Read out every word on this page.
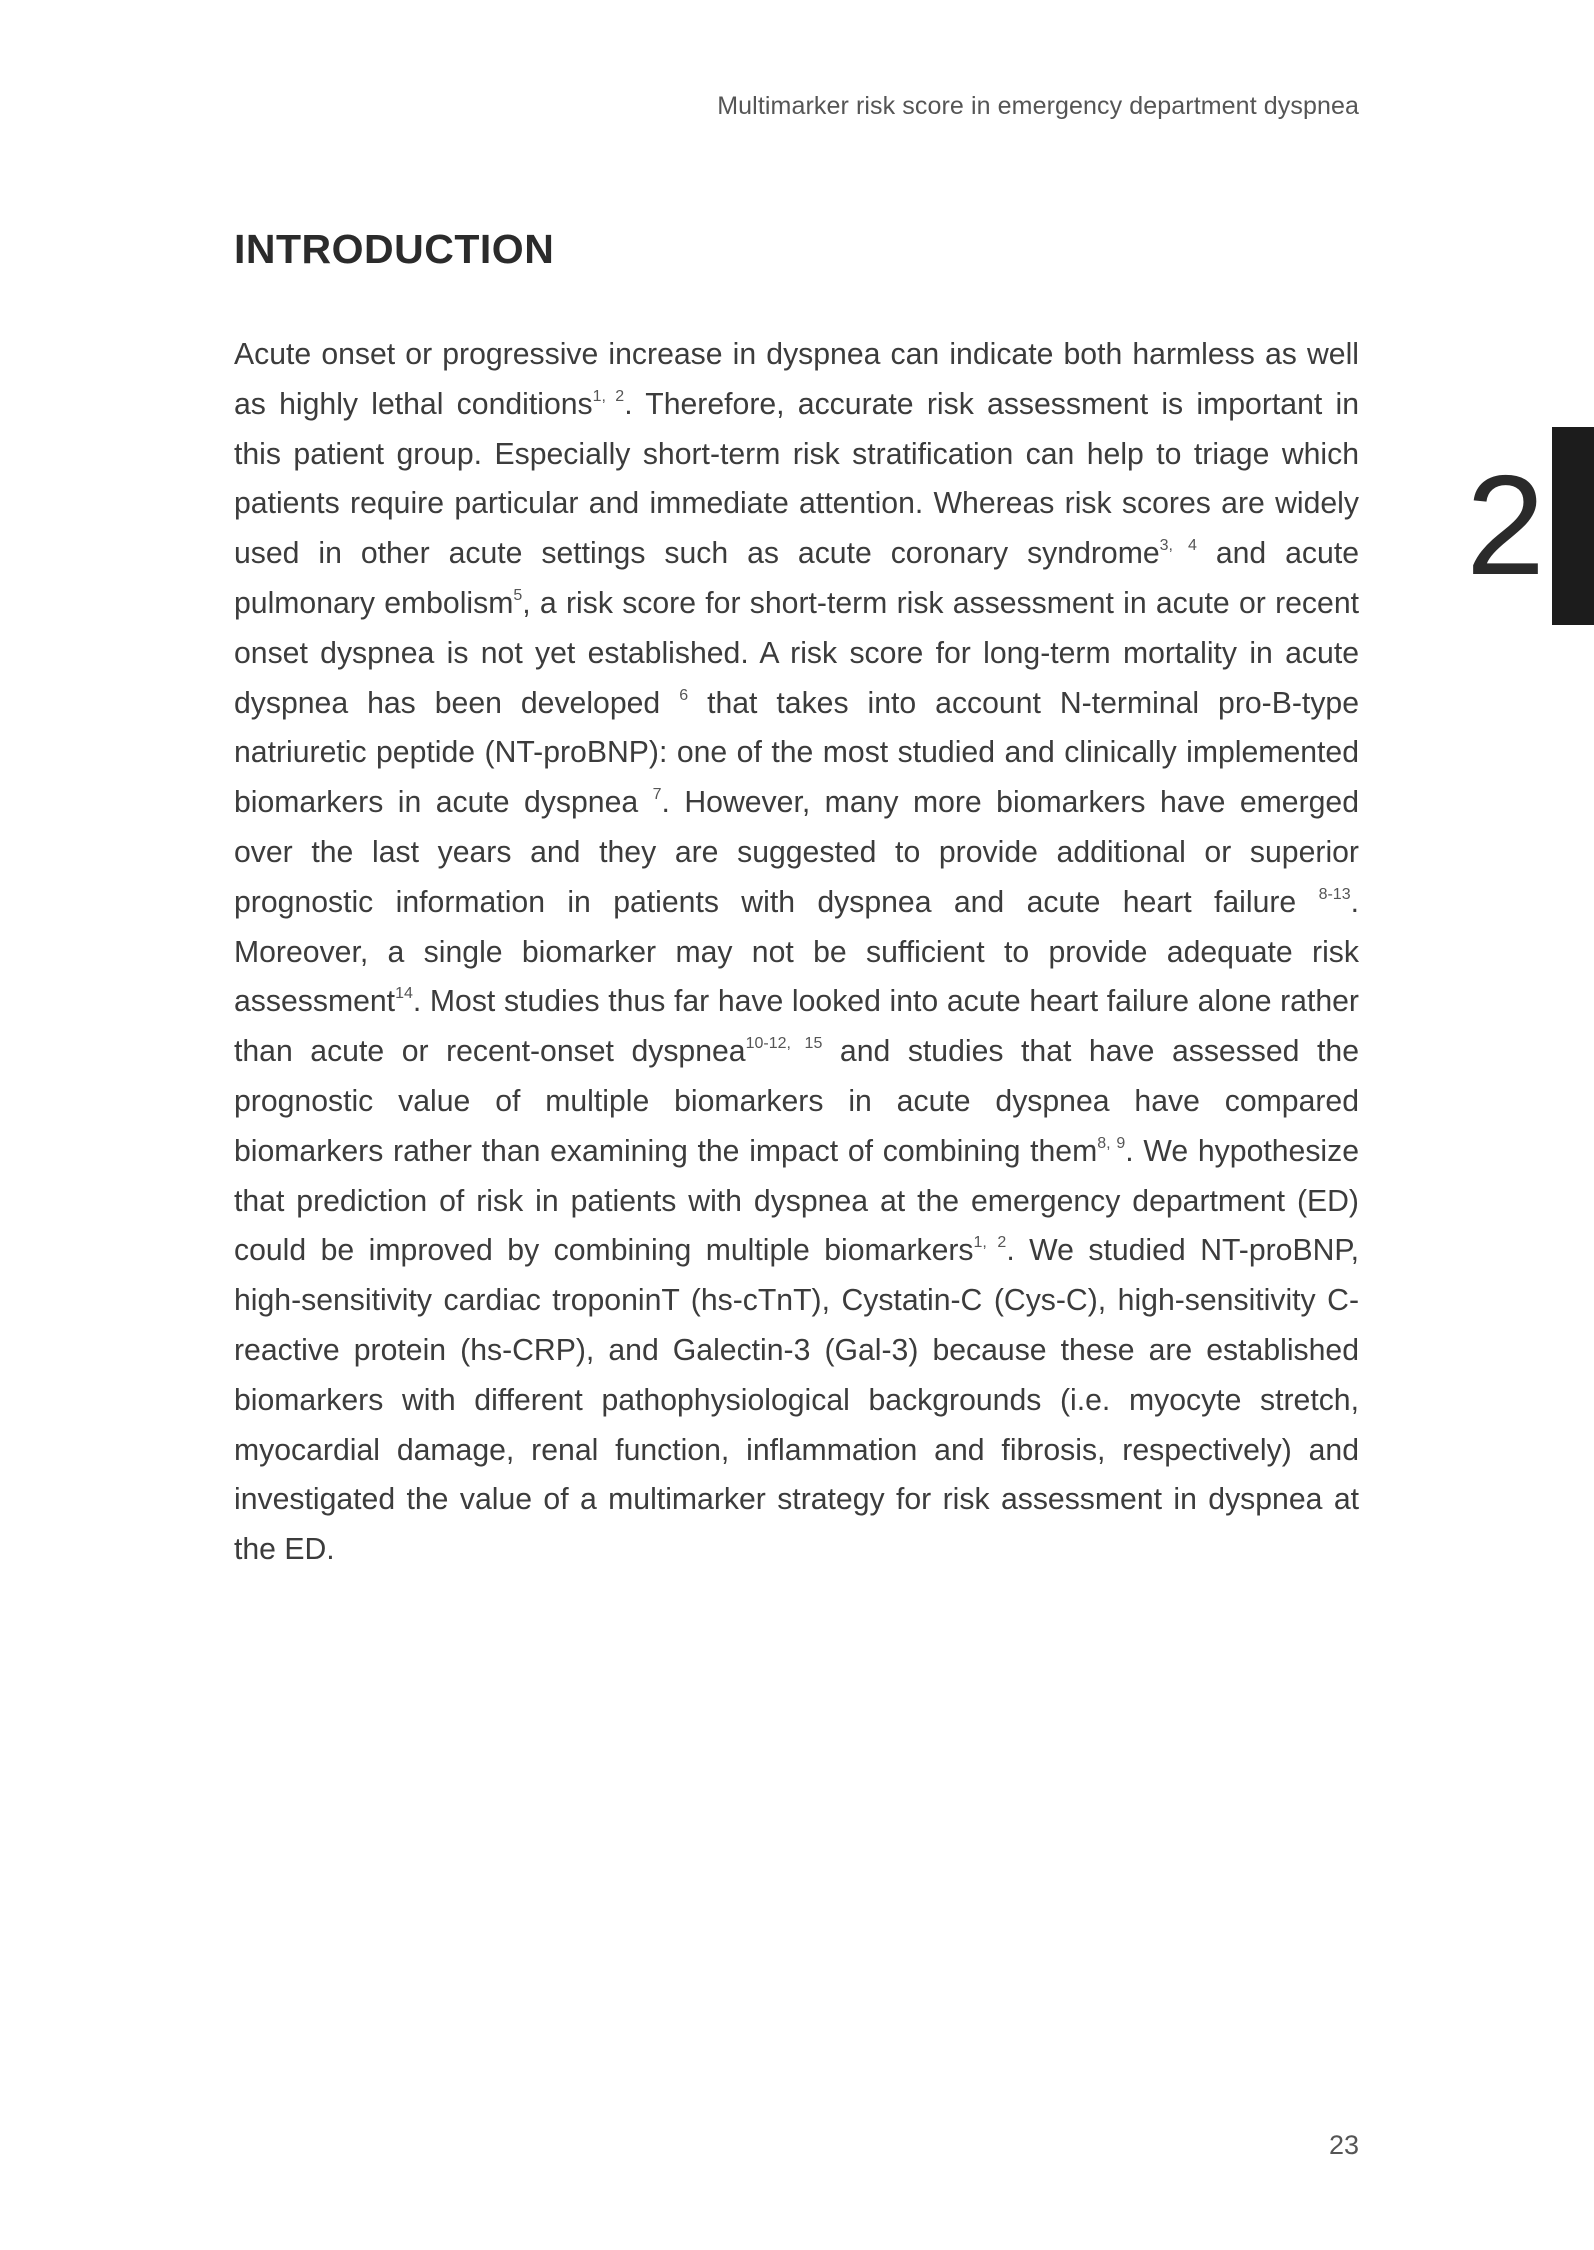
Multimarker risk score in emergency department dyspnea
2
INTRODUCTION

Acute onset or progressive increase in dyspnea can indicate both harmless as well as highly lethal conditions$^{1, 2}$. Therefore, accurate risk assessment is important in this patient group. Especially short-term risk stratification can help to triage which patients require particular and immediate attention. Whereas risk scores are widely used in other acute settings such as acute coronary syndrome$^{3, 4}$ and acute pulmonary embolism$^5$, a risk score for short-term risk assessment in acute or recent onset dyspnea is not yet established. A risk score for long-term mortality in acute dyspnea has been developed $^6$ that takes into account N-terminal pro-B-type natriuretic peptide (NT-proBNP): one of the most studied and clinically implemented biomarkers in acute dyspnea $^7$. However, many more biomarkers have emerged over the last years and they are suggested to provide additional or superior prognostic information in patients with dyspnea and acute heart failure $^{8-13}$. Moreover, a single biomarker may not be sufficient to provide adequate risk assessment$^{14}$. Most studies thus far have looked into acute heart failure alone rather than acute or recent-onset dyspnea$^{10-12, 15}$ and studies that have assessed the prognostic value of multiple biomarkers in acute dyspnea have compared biomarkers rather than examining the impact of combining them$^{8, 9}$. We hypothesize that prediction of risk in patients with dyspnea at the emergency department (ED) could be improved by combining multiple biomarkers$^{1, 2}$. We studied NT-proBNP, high-sensitivity cardiac troponinT (hs-cTnT), Cystatin-C (Cys-C), high-sensitivity C-reactive protein (hs-CRP), and Galectin-3 (Gal-3) because these are established biomarkers with different pathophysiological backgrounds (i.e. myocyte stretch, myocardial damage, renal function, inflammation and fibrosis, respectively) and investigated the value of a multimarker strategy for risk assessment in dyspnea at the ED.

23
